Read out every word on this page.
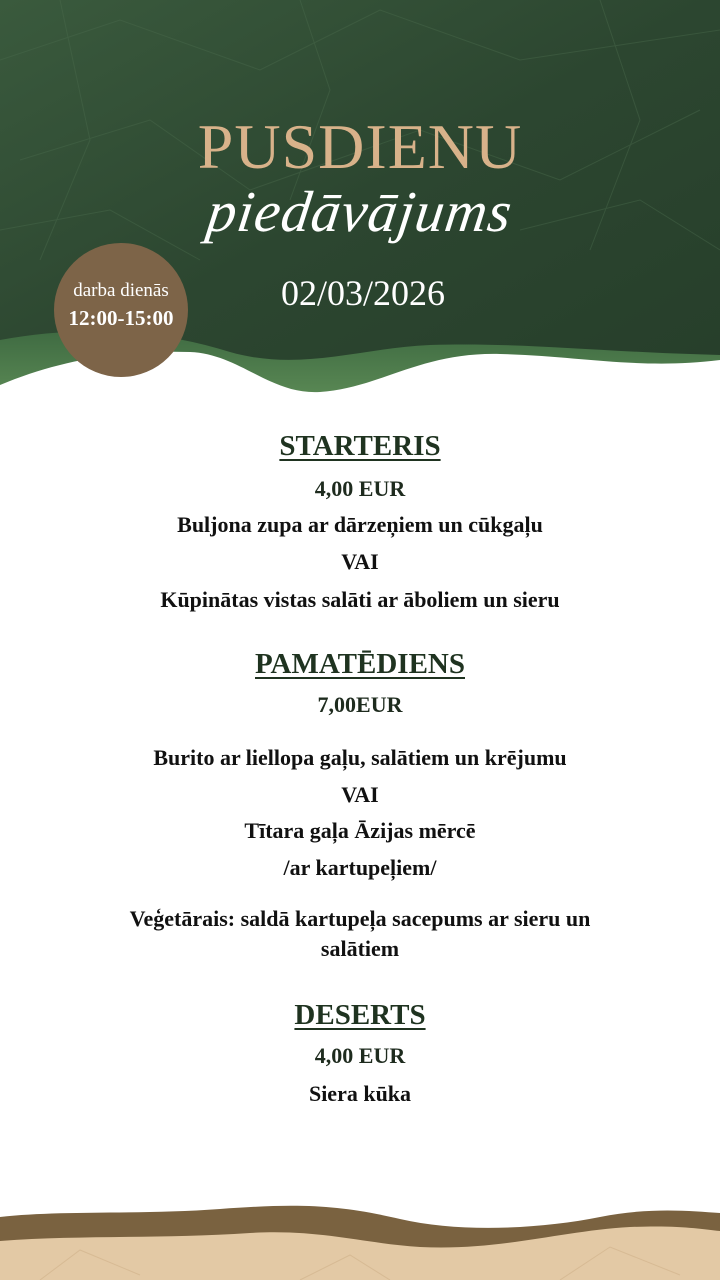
PUSDIENU
piedāvājums
02/03/2026
darba dienās
12:00-15:00
STARTERIS
4,00 EUR
Buljona zupa ar dārzeņiem un cūkgaļu
VAI
Kūpinātas vistas salāti ar āboliem un sieru
PAMATĒDIENS
7,00EUR
Burito ar liellopa gaļu, salātiem un krējumu
VAI
Tītara gaļa Āzijas mērcē
/ar kartupeļiem/
Veģetārais: saldā kartupeļa sacepums ar sieru un
salātiem
DESERTS
4,00 EUR
Siera kūka
